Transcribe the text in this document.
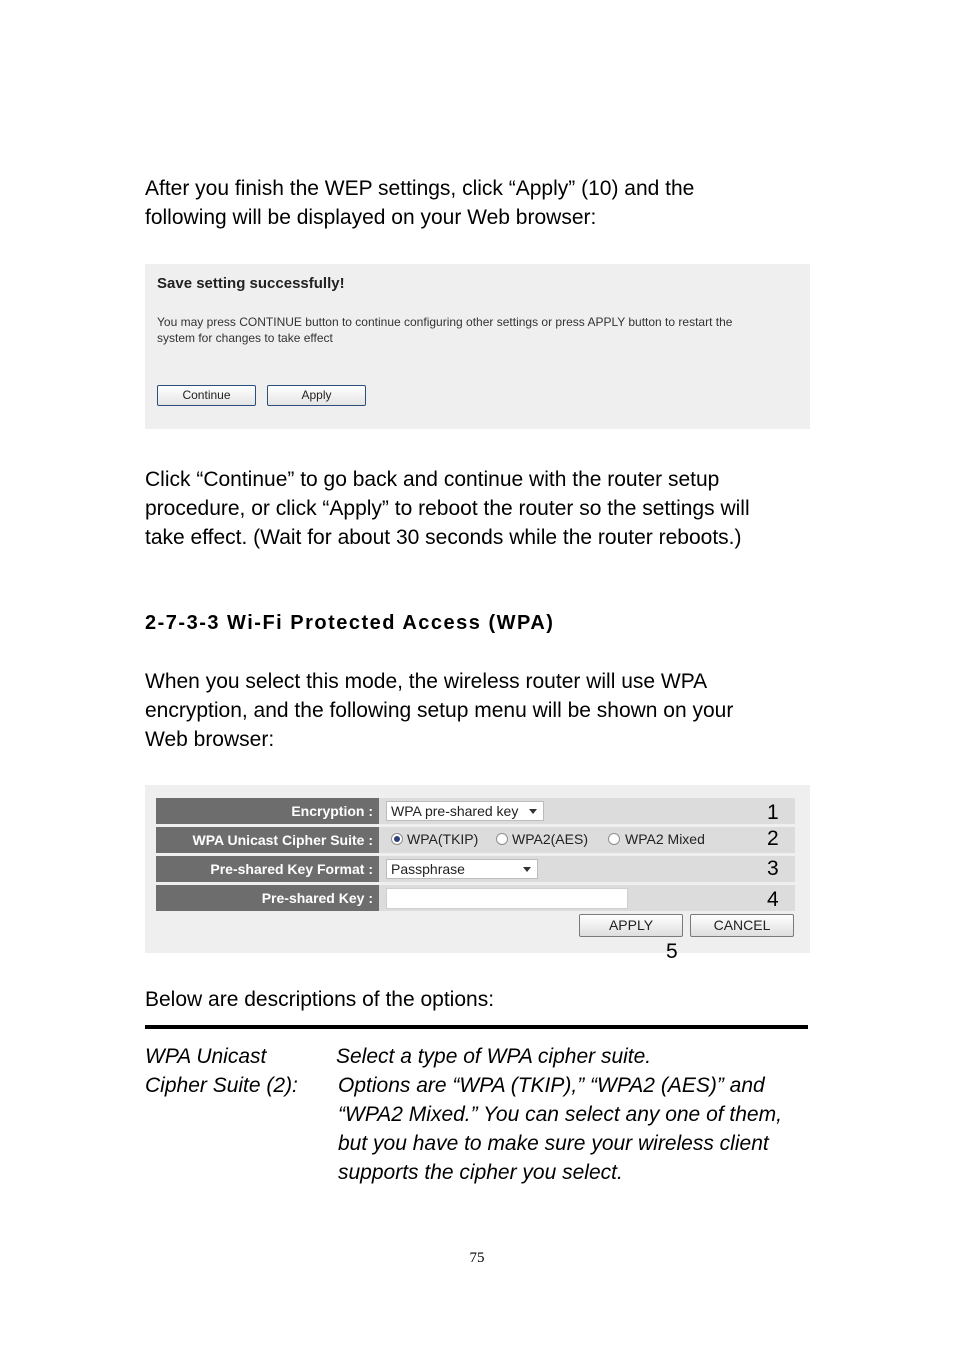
After you finish the WEP settings, click “Apply” (10) and the
following will be displayed on your Web browser:
Save setting successfully!
You may press CONTINUE button to continue configuring other settings or press APPLY button to restart the
system for changes to take effect
Continue	Apply
Click “Continue” to go back and continue with the router setup
procedure, or click “Apply” to reboot the router so the settings will
take effect. (Wait for about 30 seconds while the router reboots.)
2-7-3-3 Wi-Fi Protected Access (WPA)
When you select this mode, the wireless router will use WPA
encryption, and the following setup menu will be shown on your
Web browser:
Encryption :	WPA pre-shared key	1
WPA Unicast Cipher Suite :	WPA(TKIP) WPA2(AES)	WPA2 Mixed	2
Pre-shared Key Format :	Passphrase	3
Pre-shared Key :	4
APPLY	CANCEL
5
Below are descriptions of the options:
WPA Unicast
Cipher Suite (2):
Select a type of WPA cipher suite.
Options are “WPA (TKIP),” “WPA2 (AES)” and
“WPA2 Mixed.” You can select any one of them,
but you have to make sure your wireless client
supports the cipher you select.
75
